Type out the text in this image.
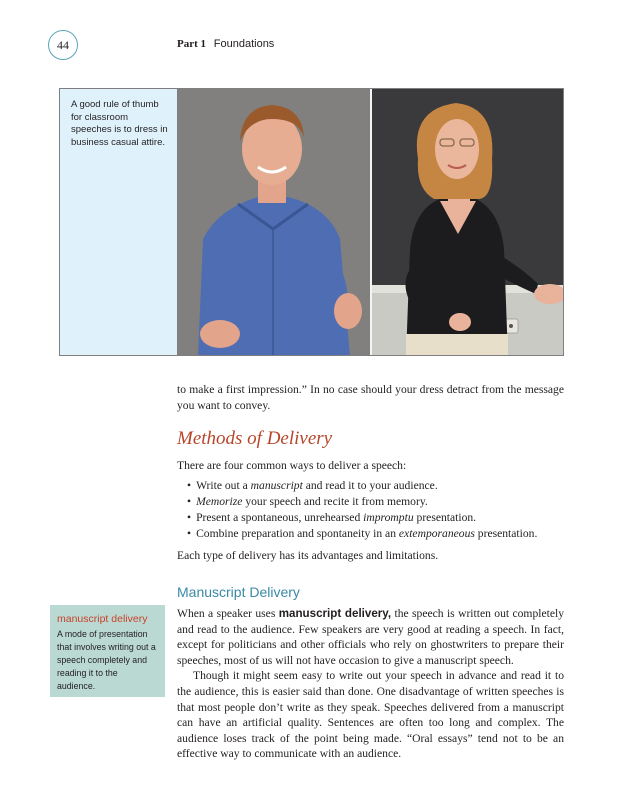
44	Part 1 Foundations
A good rule of thumb for classroom speeches is to dress in business casual attire.
to make a first impression.” In no case should your dress detract from the message you want to convey.
Methods of Delivery
There are four common ways to deliver a speech:
• Write out a manuscript and read it to your audience.
• Memorize your speech and recite it from memory.
• Present a spontaneous, unrehearsed impromptu presentation.
• Combine preparation and spontaneity in an extemporaneous presentation.
Each type of delivery has its advantages and limitations.
Manuscript Delivery
When a speaker uses manuscript delivery, the speech is written out completely and read to the audience. Few speakers are very good at reading a speech. In fact, except for politicians and other officials who rely on ghostwriters to prepare their speeches, most of us will not have occasion to give a manuscript speech.
Though it might seem easy to write out your speech in advance and read it to the audience, this is easier said than done. One disadvantage of written speeches is that most people don’t write as they speak. Speeches delivered from a manuscript can have an artificial quality. Sentences are often too long and complex. The audience loses track of the point being made. “Oral essays” tend not to be an effective way to communicate with an audience.
manuscript delivery
A mode of presentation that involves writing out a speech completely and reading it to the audience.
